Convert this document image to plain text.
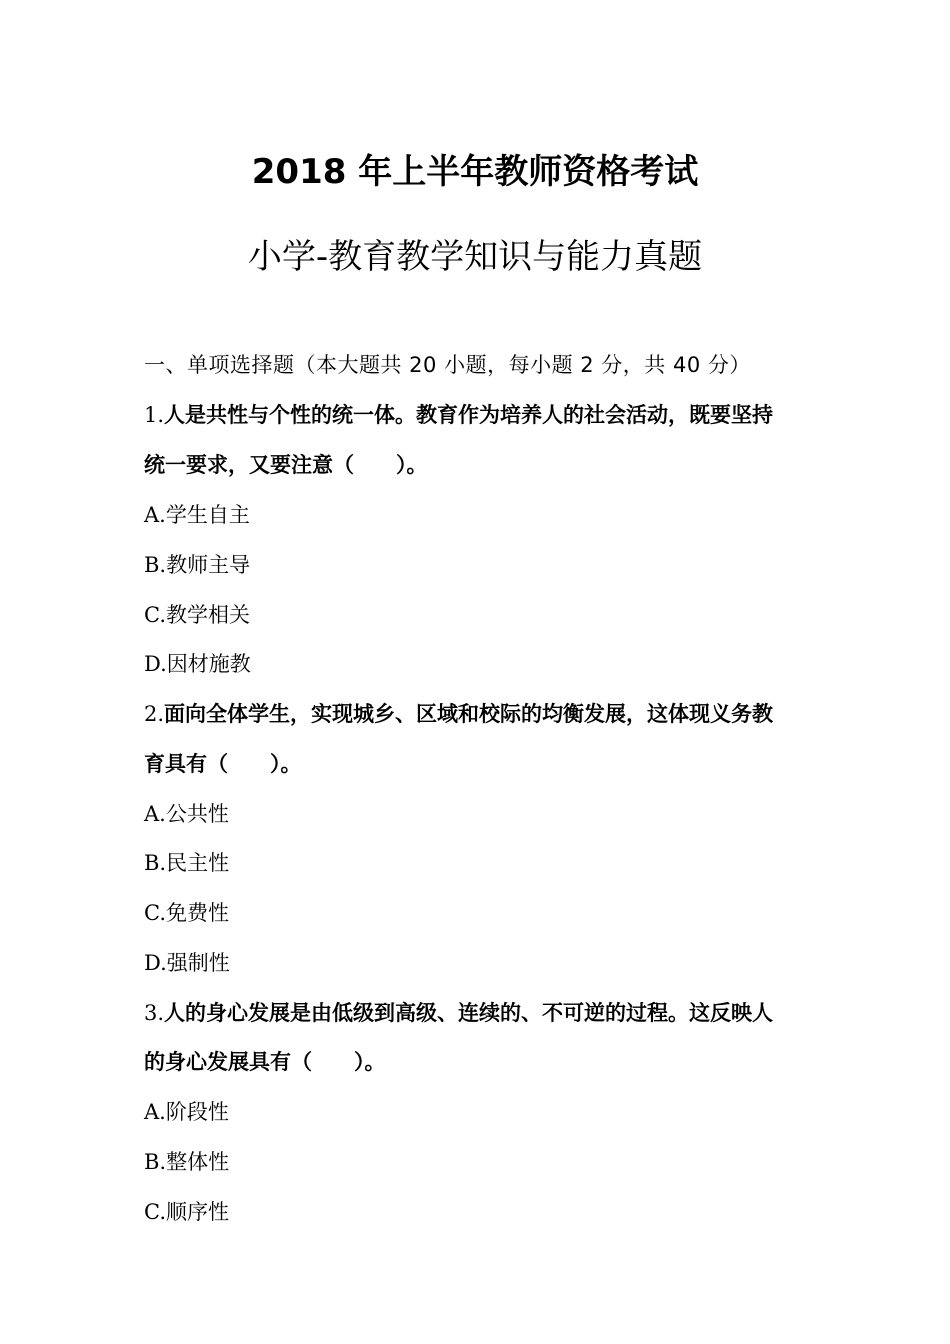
2018 年上半年教师资格考试
小学-教育教学知识与能力真题
一、单项选择题（本大题共 20 小题，每小题 2 分，共 40 分）
1.人是共性与个性的统一体。教育作为培养人的社会活动，既要坚持
统一要求，又要注意（　　）。
A.学生自主
B.教师主导
C.教学相关
D.因材施教
2.面向全体学生，实现城乡、区域和校际的均衡发展，这体现义务教
育具有（　　）。
A.公共性
B.民主性
C.免费性
D.强制性
3.人的身心发展是由低级到高级、连续的、不可逆的过程。这反映人
的身心发展具有（　　）。
A.阶段性
B.整体性
C.顺序性
